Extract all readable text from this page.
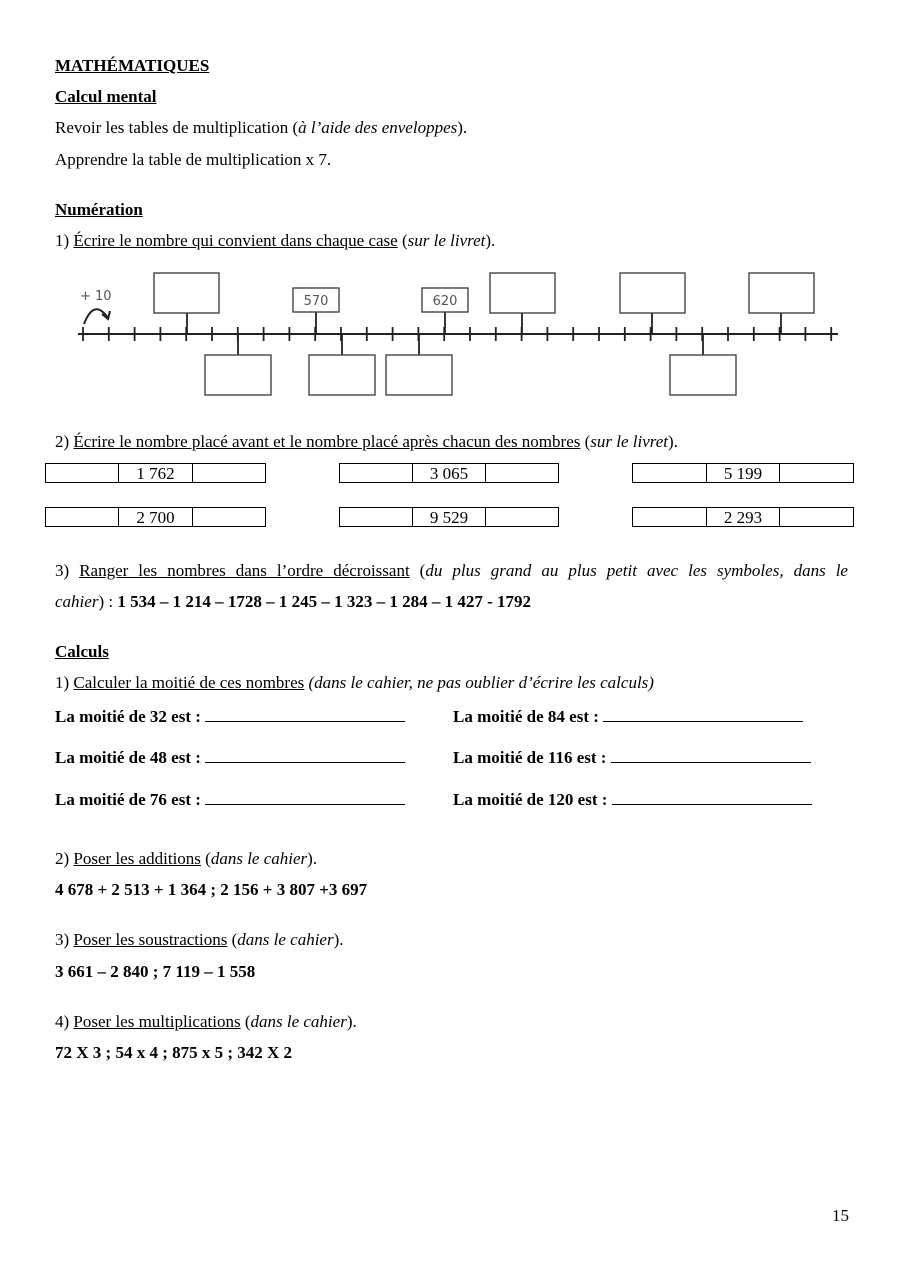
MATHÉMATIQUES
Calcul mental
Revoir les tables de multiplication (à l’aide des enveloppes).
Apprendre la table de multiplication x 7.
Numération
1) Écrire le nombre qui convient dans chaque case (sur le livret).
+ 10	570	620
2) Écrire le nombre placé avant et le nombre placé après chacun des nombres (sur le livret).
1 762	3 065	5 199
2 700	9 529	2 293
3) Ranger les nombres dans l’ordre décroissant (du plus grand au plus petit avec les symboles, dans le
cahier) : 1 534 – 1 214 – 1728 – 1 245 – 1 323 – 1 284 – 1 427 - 1792
Calculs
1) Calculer la moitié de ces nombres (dans le cahier, ne pas oublier d’écrire les calculs)
La moitié de 32 est :	La moitié de 84 est :
La moitié de 48 est :	La moitié de 116 est :
La moitié de 76 est :	La moitié de 120 est :
2) Poser les additions (dans le cahier).
4 678 + 2 513 + 1 364 ; 2 156 + 3 807 +3 697
3) Poser les soustractions (dans le cahier).
3 661 – 2 840 ; 7 119 – 1 558
4) Poser les multiplications (dans le cahier).
72 X 3 ; 54 x 4 ; 875 x 5 ; 342 X 2
15
